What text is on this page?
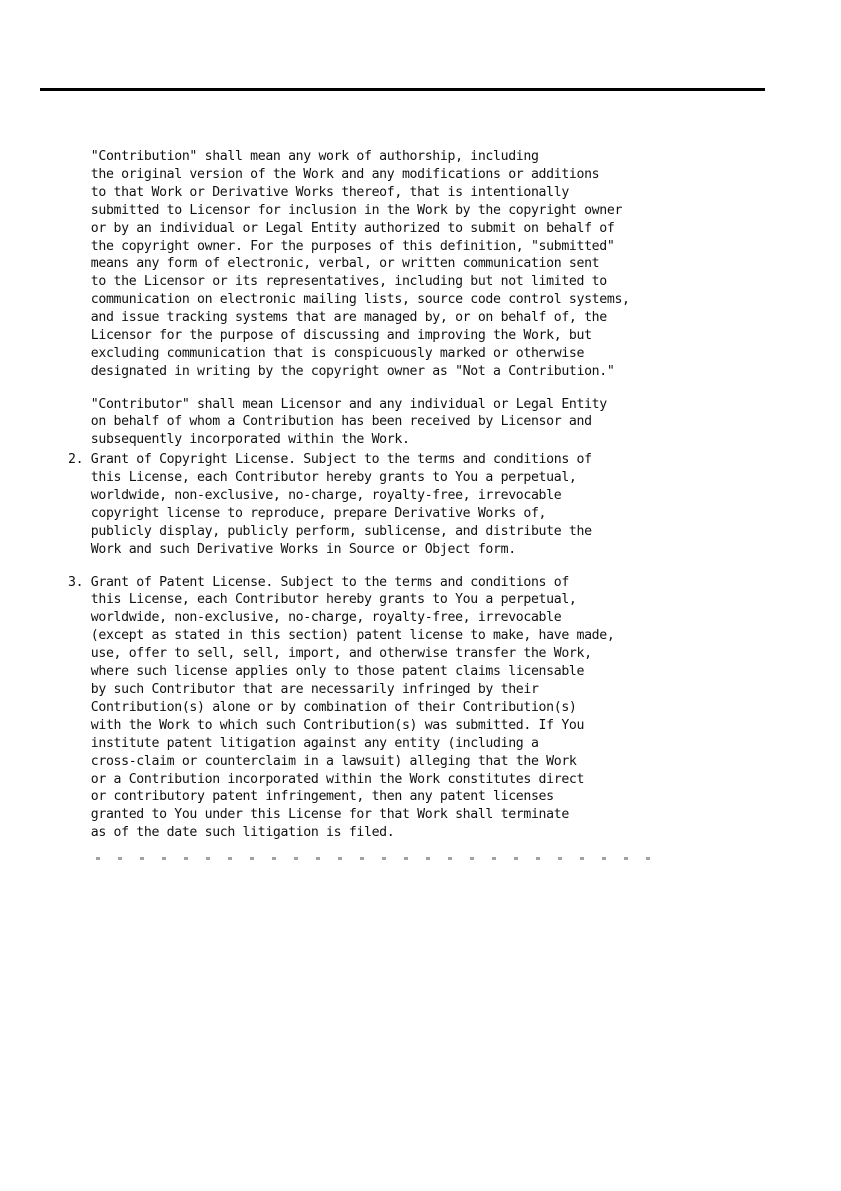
"Contribution" shall mean any work of authorship, including
the original version of the Work and any modifications or additions
to that Work or Derivative Works thereof, that is intentionally
submitted to Licensor for inclusion in the Work by the copyright owner
or by an individual or Legal Entity authorized to submit on behalf of
the copyright owner. For the purposes of this definition, "submitted"
means any form of electronic, verbal, or written communication sent
to the Licensor or its representatives, including but not limited to
communication on electronic mailing lists, source code control systems,
and issue tracking systems that are managed by, or on behalf of, the
Licensor for the purpose of discussing and improving the Work, but
excluding communication that is conspicuously marked or otherwise
designated in writing by the copyright owner as "Not a Contribution."
"Contributor" shall mean Licensor and any individual or Legal Entity
on behalf of whom a Contribution has been received by Licensor and
subsequently incorporated within the Work.
2. Grant of Copyright License. Subject to the terms and conditions of
this License, each Contributor hereby grants to You a perpetual,
worldwide, non-exclusive, no-charge, royalty-free, irrevocable
copyright license to reproduce, prepare Derivative Works of,
publicly display, publicly perform, sublicense, and distribute the
Work and such Derivative Works in Source or Object form.
3. Grant of Patent License. Subject to the terms and conditions of
this License, each Contributor hereby grants to You a perpetual,
worldwide, non-exclusive, no-charge, royalty-free, irrevocable
(except as stated in this section) patent license to make, have made,
use, offer to sell, sell, import, and otherwise transfer the Work,
where such license applies only to those patent claims licensable
by such Contributor that are necessarily infringed by their
Contribution(s) alone or by combination of their Contribution(s)
with the Work to which such Contribution(s) was submitted. If You
institute patent litigation against any entity (including a
cross-claim or counterclaim in a lawsuit) alleging that the Work
or a Contribution incorporated within the Work constitutes direct
or contributory patent infringement, then any patent licenses
granted to You under this License for that Work shall terminate
as of the date such litigation is filed.
